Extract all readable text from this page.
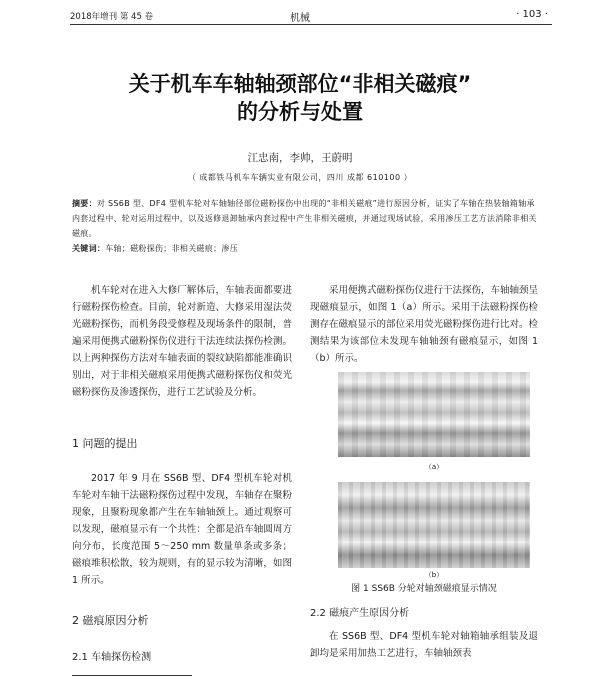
2018年增刊 第 45 卷	机械	· 103 ·
关于机车车轴轴颈部位“非相关磁痕”
的分析与处置
江忠南，李帅，王蔚明
（ 成都铁马机车车辆实业有限公司，四川 成都 610100 ）
摘要：对 SS6B 型、DF4 型机车轮对车轴轴径部位磁粉探伤中出现的“非相关磁痕”进行原因分析，证实了车轴在热装轴箱轴承内套过程中、轮对运用过程中，以及返修退卸轴承内套过程中产生非相关磁痕，并通过现场试验，采用渗压工艺方法消除非相关磁痕。
关键词：车轴；磁粉探伤；非相关磁痕；渗压
机车轮对在进入大修厂解体后，车轴表面都要进行磁粉探伤检查。目前，轮对新造、大修采用湿法荧光磁粉探伤，而机务段受修程及现场条件的限制，普遍采用便携式磁粉探伤仪进行干法连续法探伤检测。以上两种探伤方法对车轴表面的裂纹缺陷都能准确识别出，对于非相关磁痕采用便携式磁粉探伤仪和荧光磁粉探伤及渗透探伤，进行工艺试验及分析。
1 问题的提出
2017 年 9 月在 SS6B 型、DF4 型机车轮对机车轮对车轴干法磁粉探伤过程中发现，车轴存在聚粉现象，且聚粉现象都产生在车轴轴颈上。通过观察可以发现，磁痕显示有一个共性：全都是沿车轴圆周方向分布，长度范围 5～250 mm 数量单条或多条；磁痕堆积松散，较为规则，有的显示较为清晰，如图 1 所示。
2 磁痕原因分析
2.1 车轴探伤检测
采用便携式磁粉探伤仪进行干法探伤，车轴轴颈呈现磁痕显示，如图 1（a）所示。采用干法磁粉探伤检测存在磁痕显示的部位采用荧光磁粉探伤进行比对。检测结果为该部位未发现车轴轴颈有磁痕显示，如图 1（b）所示。
（a）
（b）
图 1 SS6B 分轮对轴颈磁痕显示情况
2.2 磁痕产生原因分析
在 SS6B 型、DF4 型机车轮对轴箱轴承组装及退卸均是采用加热工艺进行，车轴轴颈表
